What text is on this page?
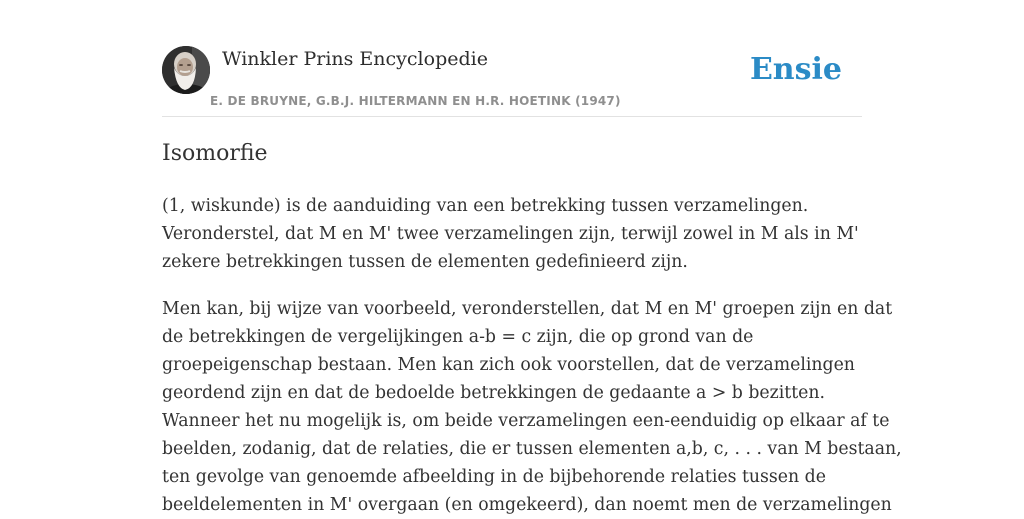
Winkler Prins Encyclopedie
E. DE BRUYNE, G.B.J. HILTERMANN EN H.R. HOETINK (1947)
Ensie
Isomorfie

(1, wiskunde) is de aanduiding van een betrekking tussen verzamelingen.
Veronderstel, dat M en M' twee verzamelingen zijn, terwijl zowel in M als in M'
zekere betrekkingen tussen de elementen gedefinieerd zijn.

Men kan, bij wijze van voorbeeld, veronderstellen, dat M en M' groepen zijn en dat
de betrekkingen de vergelijkingen a-b = c zijn, die op grond van de
groepeigenschap bestaan. Men kan zich ook voorstellen, dat de verzamelingen
geordend zijn en dat de bedoelde betrekkingen de gedaante a > b bezitten.
Wanneer het nu mogelijk is, om beide verzamelingen een-eenduidig op elkaar af te
beelden, zodanig, dat de relaties, die er tussen elementen a,b, c, . . . van M bestaan,
ten gevolge van genoemde afbeelding in de bijbehorende relaties tussen de
beeldelementen in M' overgaan (en omgekeerd), dan noemt men de verzamelingen
